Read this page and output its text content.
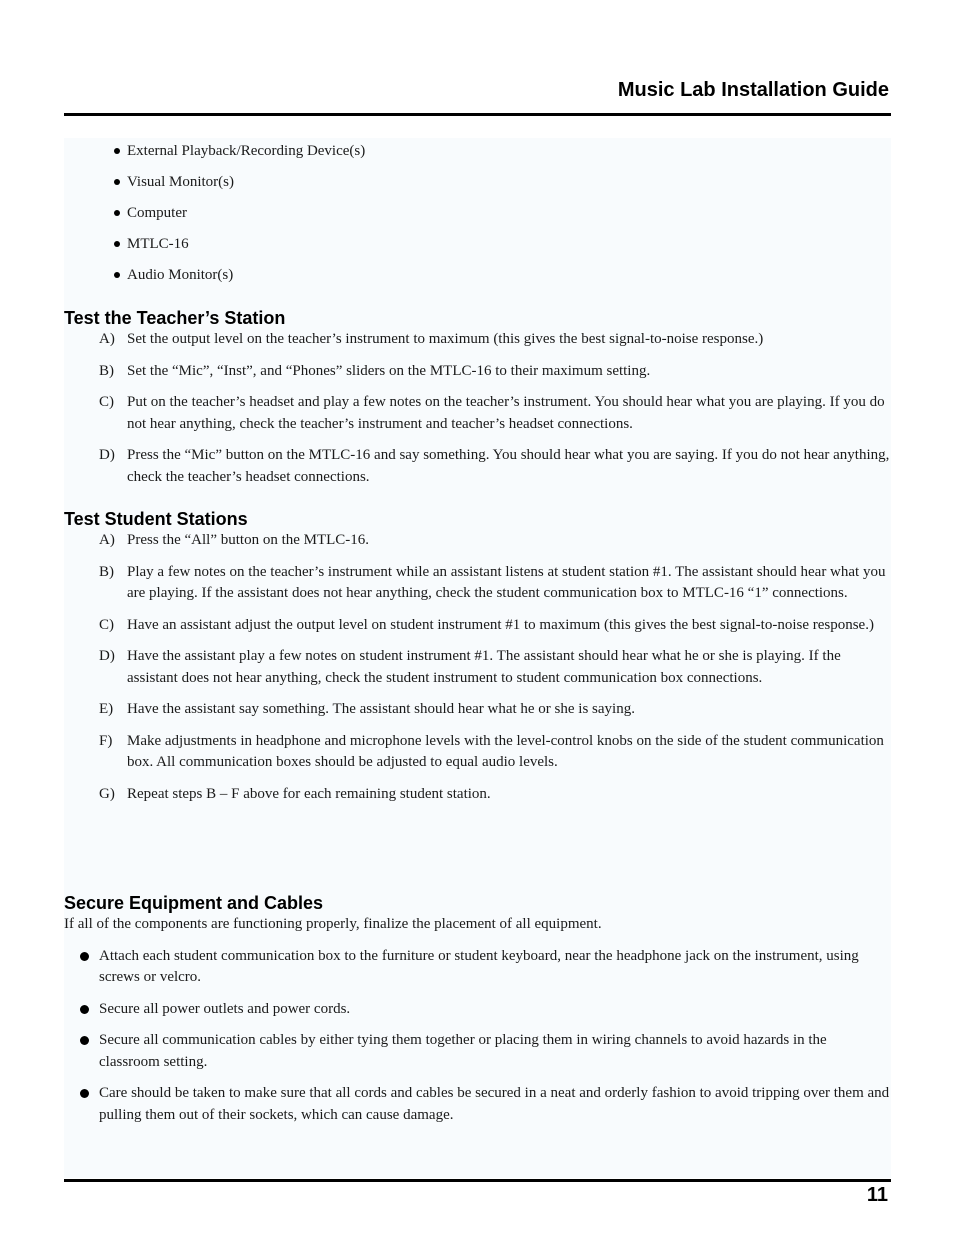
Music Lab Installation Guide
External Playback/Recording Device(s)
Visual Monitor(s)
Computer
MTLC-16
Audio Monitor(s)
Test the Teacher’s Station
A) Set the output level on the teacher’s instrument to maximum (this gives the best signal-to-noise response.)
B) Set the “Mic”, “Inst”, and “Phones” sliders on the MTLC-16 to their maximum setting.
C) Put on the teacher’s headset and play a few notes on the teacher’s instrument. You should hear what you are playing. If you do not hear anything, check the teacher’s instrument and teacher’s headset connections.
D) Press the “Mic” button on the MTLC-16 and say something. You should hear what you are saying. If you do not hear anything, check the teacher’s headset connections.
Test Student Stations
A) Press the “All” button on the MTLC-16.
B) Play a few notes on the teacher’s instrument while an assistant listens at student station #1. The assistant should hear what you are playing. If the assistant does not hear anything, check the student communication box to MTLC-16 “1” connections.
C) Have an assistant adjust the output level on student instrument #1 to maximum (this gives the best signal-to-noise response.)
D) Have the assistant play a few notes on student instrument #1. The assistant should hear what he or she is playing. If the assistant does not hear anything, check the student instrument to student communication box connections.
E) Have the assistant say something. The assistant should hear what he or she is saying.
F) Make adjustments in headphone and microphone levels with the level-control knobs on the side of the student communication box. All communication boxes should be adjusted to equal audio levels.
G) Repeat steps B – F above for each remaining student station.
Secure Equipment and Cables

If all of the components are functioning properly, finalize the placement of all equipment.

Attach each student communication box to the furniture or student keyboard, near the headphone jack on the instrument, using screws or velcro.
Secure all power outlets and power cords.
Secure all communication cables by either tying them together or placing them in wiring channels to avoid hazards in the classroom setting.
Care should be taken to make sure that all cords and cables be secured in a neat and orderly fashion to avoid tripping over them and pulling them out of their sockets, which can cause damage.
11
